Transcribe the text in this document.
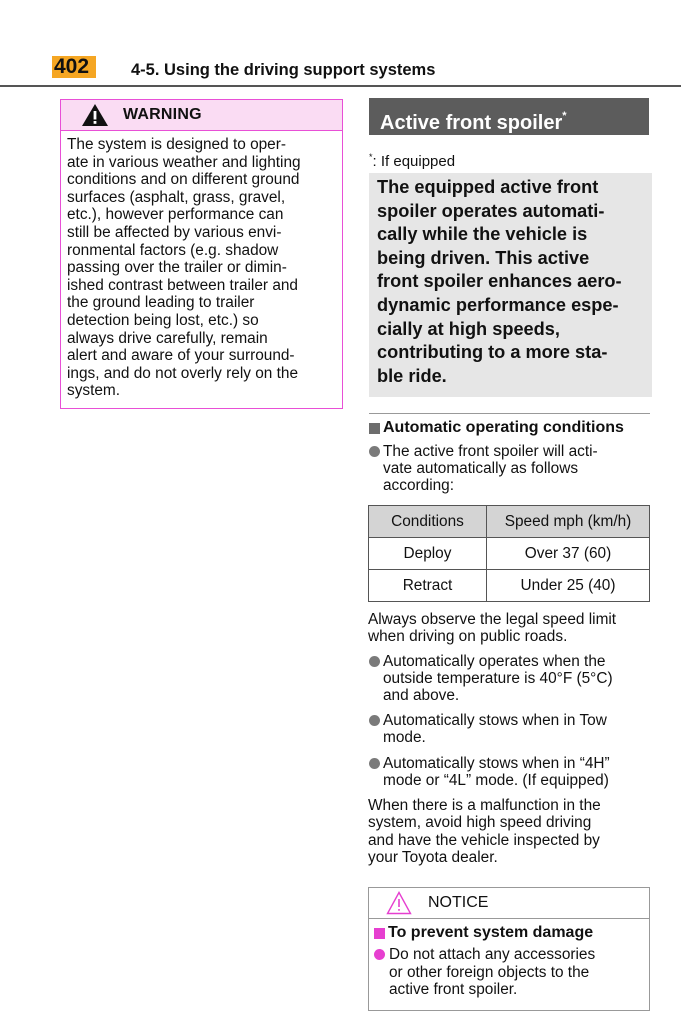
402	4-5. Using the driving support systems
WARNING
The system is designed to oper-
ate in various weather and lighting
conditions and on different ground
surfaces (asphalt, grass, gravel,
etc.), however performance can
still be affected by various envi-
ronmental factors (e.g. shadow
passing over the trailer or dimin-
ished contrast between trailer and
the ground leading to trailer
detection being lost, etc.) so
always drive carefully, remain
alert and aware of your surround-
ings, and do not overly rely on the
system.
Active front spoiler*
*: If equipped
The equipped active front
spoiler operates automati-
cally while the vehicle is
being driven. This active
front spoiler enhances aero-
dynamic performance espe-
cially at high speeds,
contributing to a more sta-
ble ride.
Automatic operating conditions
The active front spoiler will acti-
vate automatically as follows
according:
Conditions	Speed mph (km/h)
Deploy	Over 37 (60)
Retract	Under 25 (40)
Always observe the legal speed limit
when driving on public roads.
Automatically operates when the
outside temperature is 40°F (5°C)
and above.
Automatically stows when in Tow
mode.
Automatically stows when in “4H”
mode or “4L” mode. (If equipped)
When there is a malfunction in the
system, avoid high speed driving
and have the vehicle inspected by
your Toyota dealer.
NOTICE
To prevent system damage
Do not attach any accessories
or other foreign objects to the
active front spoiler.
